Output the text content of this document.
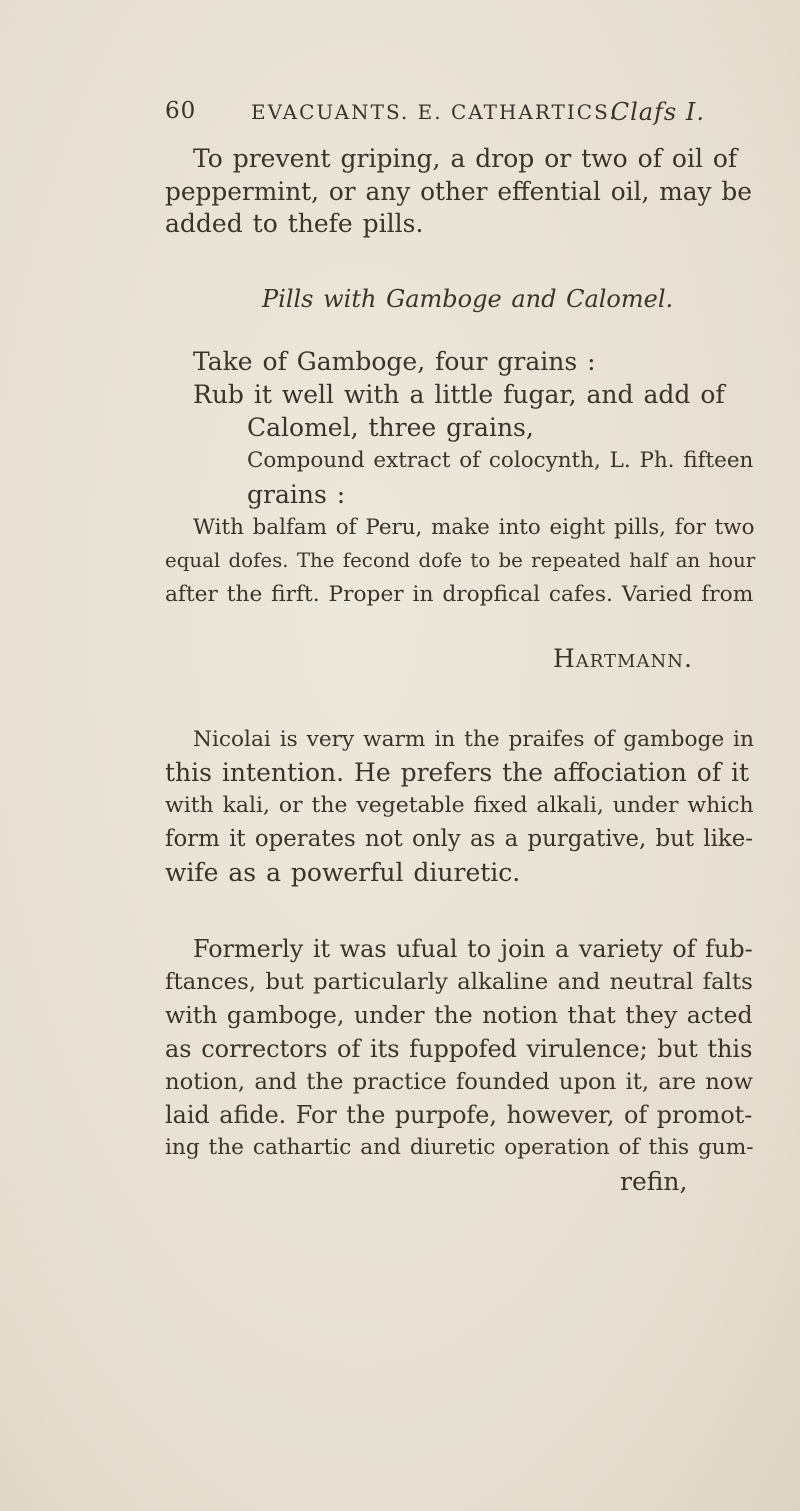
60	EVACUANTS. E. CATHARTICS.
Clafs I.
To prevent griping, a drop or two of oil of
peppermint, or any other effential oil, may be
added to thefe pills.
Pills with Gamboge and Calomel.
Take of Gamboge, four grains :
Rub it well with a little fugar, and add of
Calomel, three grains,
Compound extract of colocynth, L. Ph. fifteen
grains :
With balfam of Peru, make into eight pills, for two
equal dofes. The fecond dofe to be repeated half an hour
after the firft. Proper in dropfical cafes. Varied from
Hartmann.
Nicolai is very warm in the praifes of gamboge in
this intention. He prefers the affociation of it
with kali, or the vegetable fixed alkali, under which
form it operates not only as a purgative, but like-
wife as a powerful diuretic.
Formerly it was ufual to join a variety of fub-
ftances, but particularly alkaline and neutral falts
with gamboge, under the notion that they acted
as correctors of its fuppofed virulence; but this
notion, and the practice founded upon it, are now
laid afide. For the purpofe, however, of promot-
ing the cathartic and diuretic operation of this gum-
refin,
